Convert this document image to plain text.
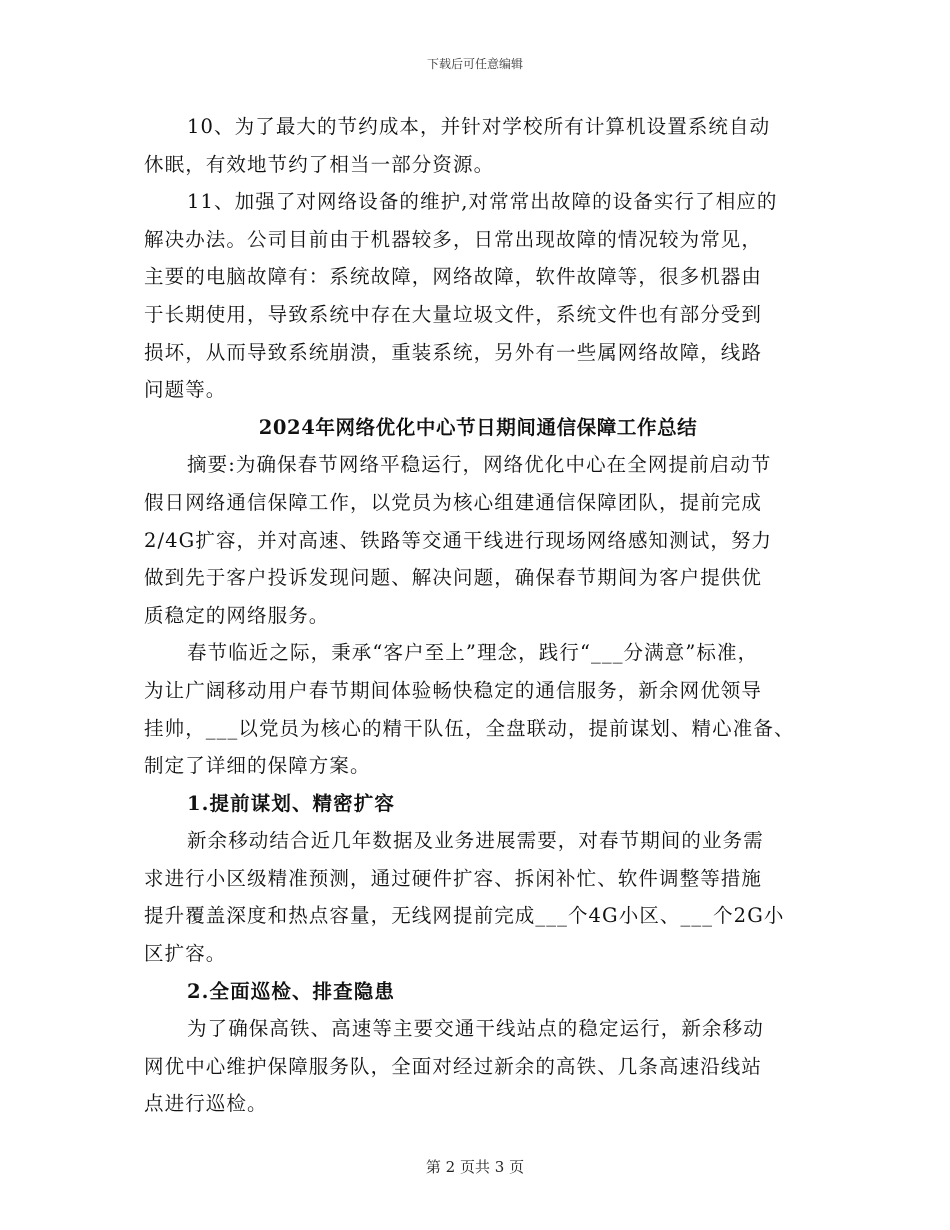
下载后可任意编辑
10、为了最大的节约成本，并针对学校所有计算机设置系统自动
休眠，有效地节约了相当一部分资源。
11、加强了对网络设备的维护,对常常出故障的设备实行了相应的
解决办法。公司目前由于机器较多，日常出现故障的情况较为常见，
主要的电脑故障有：系统故障，网络故障，软件故障等，很多机器由
于长期使用，导致系统中存在大量垃圾文件，系统文件也有部分受到
损坏，从而导致系统崩溃，重装系统，另外有一些属网络故障，线路
问题等。
2024年网络优化中心节日期间通信保障工作总结
摘要:为确保春节网络平稳运行，网络优化中心在全网提前启动节
假日网络通信保障工作，以党员为核心组建通信保障团队，提前完成
2/4G扩容，并对高速、铁路等交通干线进行现场网络感知测试，努力
做到先于客户投诉发现问题、解决问题，确保春节期间为客户提供优
质稳定的网络服务。
春节临近之际，秉承“客户至上”理念，践行“___分满意”标准，
为让广阔移动用户春节期间体验畅快稳定的通信服务，新余网优领导
挂帅，___以党员为核心的精干队伍，全盘联动，提前谋划、精心准备、
制定了详细的保障方案。
1.提前谋划、精密扩容
新余移动结合近几年数据及业务进展需要，对春节期间的业务需
求进行小区级精准预测，通过硬件扩容、拆闲补忙、软件调整等措施
提升覆盖深度和热点容量，无线网提前完成___个4G小区、___个2G小
区扩容。
2.全面巡检、排查隐患
为了确保高铁、高速等主要交通干线站点的稳定运行，新余移动
网优中心维护保障服务队，全面对经过新余的高铁、几条高速沿线站
点进行巡检。
第 2 页共 3 页
